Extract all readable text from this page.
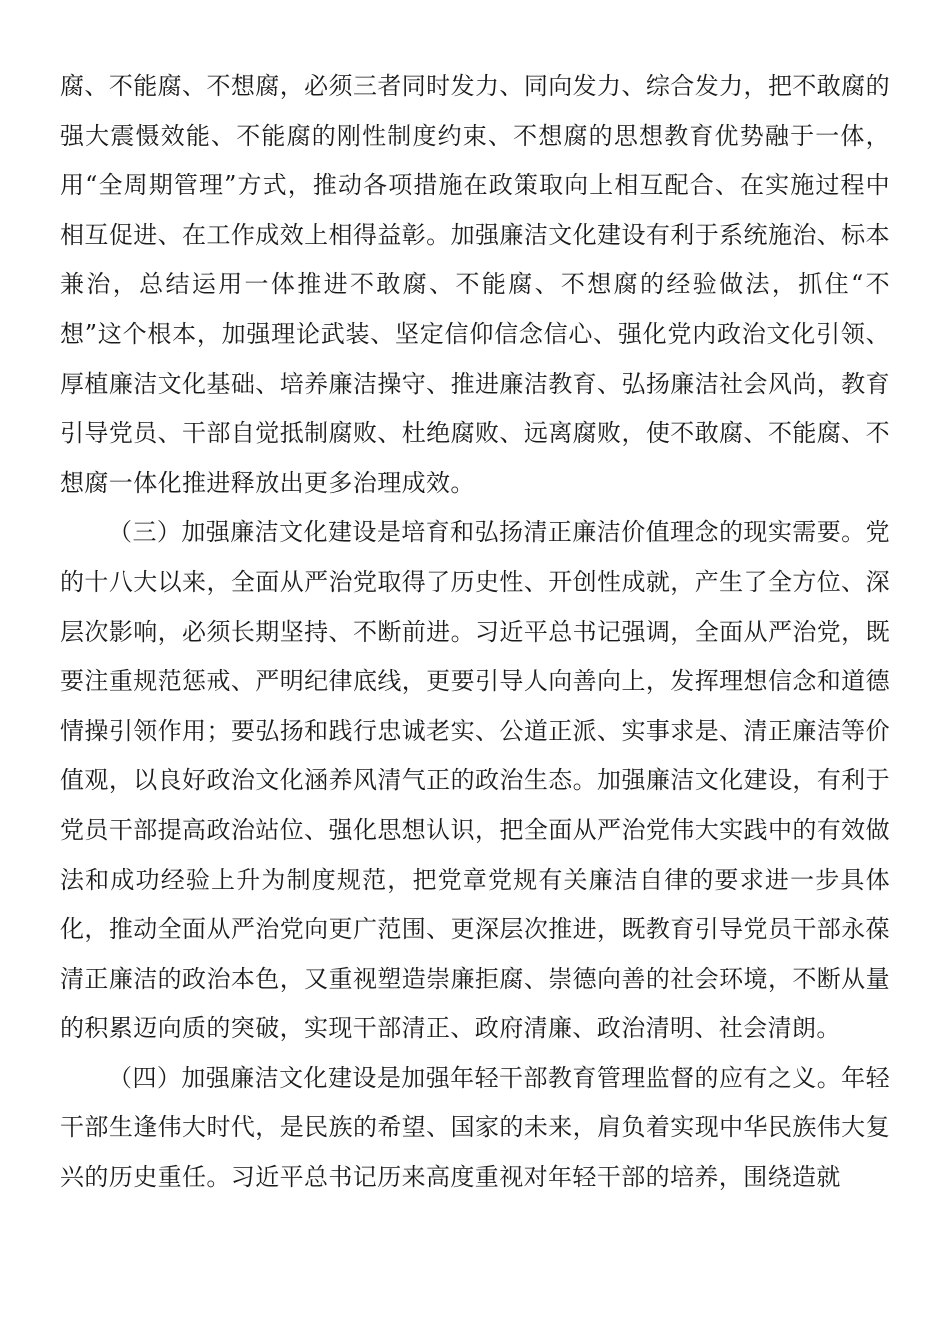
腐、不能腐、不想腐，必须三者同时发力、同向发力、综合发力，把不敢腐的强大震慑效能、不能腐的刚性制度约束、不想腐的思想教育优势融于一体，用“全周期管理”方式，推动各项措施在政策取向上相互配合、在实施过程中相互促进、在工作成效上相得益彰。加强廉洁文化建设有利于系统施治、标本兼治，总结运用一体推进不敢腐、不能腐、不想腐的经验做法，抓住“不想”这个根本，加强理论武装、坚定信仰信念信心、强化党内政治文化引领、厚植廉洁文化基础、培养廉洁操守、推进廉洁教育、弘扬廉洁社会风尚，教育引导党员、干部自觉抵制腐败、杜绝腐败、远离腐败，使不敢腐、不能腐、不想腐一体化推进释放出更多治理成效。

（三）加强廉洁文化建设是培育和弘扬清正廉洁价值理念的现实需要。党的十八大以来，全面从严治党取得了历史性、开创性成就，产生了全方位、深层次影响，必须长期坚持、不断前进。习近平总书记强调，全面从严治党，既要注重规范惩戒、严明纪律底线，更要引导人向善向上，发挥理想信念和道德情操引领作用；要弘扬和践行忠诚老实、公道正派、实事求是、清正廉洁等价值观，以良好政治文化涵养风清气正的政治生态。加强廉洁文化建设，有利于党员干部提高政治站位、强化思想认识，把全面从严治党伟大实践中的有效做法和成功经验上升为制度规范，把党章党规有关廉洁自律的要求进一步具体化，推动全面从严治党向更广范围、更深层次推进，既教育引导党员干部永葆清正廉洁的政治本色，又重视塑造崇廉拒腐、崇德向善的社会环境，不断从量的积累迈向质的突破，实现干部清正、政府清廉、政治清明、社会清朗。

（四）加强廉洁文化建设是加强年轻干部教育管理监督的应有之义。年轻干部生逢伟大时代，是民族的希望、国家的未来，肩负着实现中华民族伟大复兴的历史重任。习近平总书记历来高度重视对年轻干部的培养，围绕造就
